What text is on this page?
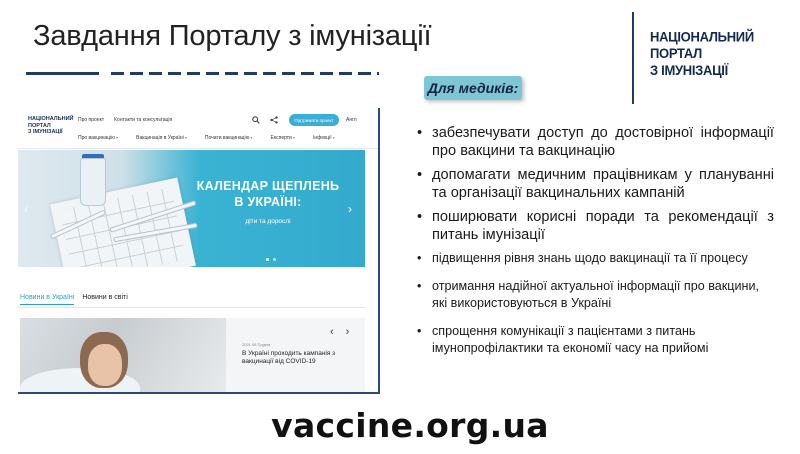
Завдання Порталу з імунізації	НАЦІОНАЛЬНИЙ
ПОРТАЛ
З ІМУНІЗАЦІЇ
НАЦІОНАЛЬНИЙ
ПОРТАЛ
З ІМУНІЗАЦІЇ
Про проект Контакти та консультація	Підтримати проект	Англ
Про вакцинацію ▾	Вакцинація в Україні ▾	Почати вакцинацію ▾	Експерти ▾	Інфекції ▾
КАЛЕНДАР ЩЕПЛЕНЬ
В УКРАЇНІ:
діти та дорослі
‹	›
Новини в Україні Новини в світі
2021 08 Грудня
В Україні проходить кампанія з вакцинації від COVID-19
‹ ›
Для медиків:
• забезпечувати доступ до достовірної інформації про вакцини та вакцинацію
• допомагати медичним працівникам у плануванні та організації вакцинальних кампаній
• поширювати корисні поради та рекомендації з питань імунізації
• підвищення рівня знань щодо вакцинації та її процесу
• отримання надійної актуальної інформації про вакцини, які використовуються в Україні
• спрощення комунікації з пацієнтами з питань імунопрофілактики та економії часу на прийомі
vaccine.org.ua
